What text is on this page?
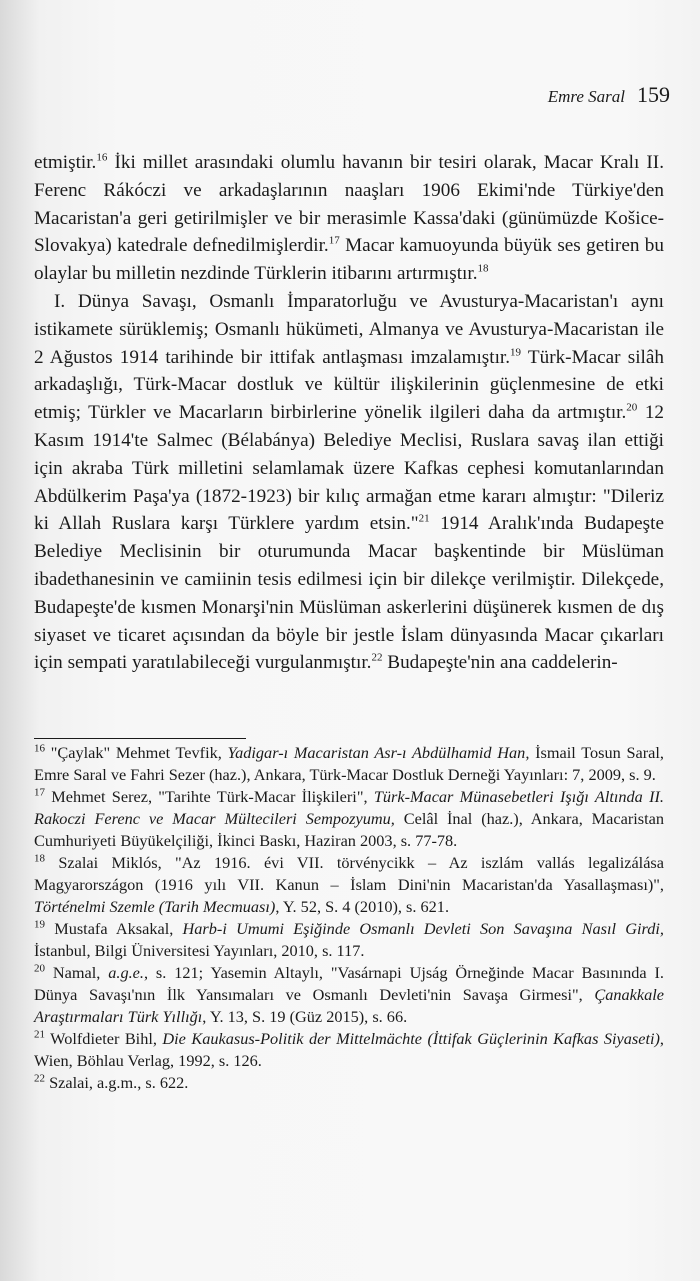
Emre Saral 159

etmiştir.$^{16}$ İki millet arasındaki olumlu havanın bir tesiri olarak, Macar Kralı II. Ferenc Rákóczi ve arkadaşlarının naaşları 1906 Ekimi'nde Türkiye'den Macaristan'a geri getirilmişler ve bir merasimle Kassa'daki (günümüzde Košice-Slovakya) katedrale defnedilmişlerdir.$^{17}$ Macar kamuoyunda büyük ses getiren bu olaylar bu milletin nezdinde Türklerin itibarını artırmıştır.$^{18}$

I. Dünya Savaşı, Osmanlı İmparatorluğu ve Avusturya-Macaristan'ı aynı istikamete sürüklemiş; Osmanlı hükümeti, Almanya ve Avusturya-Macaristan ile 2 Ağustos 1914 tarihinde bir ittifak antlaşması imzalamıştır.$^{19}$ Türk-Macar silâh arkadaşlığı, Türk-Macar dostluk ve kültür ilişkilerinin güçlenmesine de etki etmiş; Türkler ve Macarların birbirlerine yönelik ilgileri daha da artmıştır.$^{20}$ 12 Kasım 1914'te Salmec (Bélabánya) Belediye Meclisi, Ruslara savaş ilan ettiği için akraba Türk milletini selamlamak üzere Kafkas cephesi komutanlarından Abdülkerim Paşa'ya (1872-1923) bir kılıç armağan etme kararı almıştır: "Dileriz ki Allah Ruslara karşı Türklere yardım etsin."$^{21}$ 1914 Aralık'ında Budapeşte Belediye Meclisinin bir oturumunda Macar başkentinde bir Müslüman ibadethanesinin ve camiinin tesis edilmesi için bir dilekçe verilmiştir. Dilekçede, Budapeşte'de kısmen Monarşi'nin Müslüman askerlerini düşünerek kısmen de dış siyaset ve ticaret açısından da böyle bir jestle İslam dünyasında Macar çıkarları için sempati yaratılabileceği vurgulanmıştır.$^{22}$ Budapeşte'nin ana caddelerin-

$^{16}$ "Çaylak" Mehmet Tevfik, Yadigar-ı Macaristan Asr-ı Abdülhamid Han, İsmail Tosun Saral, Emre Saral ve Fahri Sezer (haz.), Ankara, Türk-Macar Dostluk Derneği Yayınları: 7, 2009, s. 9.

$^{17}$ Mehmet Serez, "Tarihte Türk-Macar İlişkileri", Türk-Macar Münasebetleri Işığı Altında II. Rakoczi Ferenc ve Macar Mültecileri Sempozyumu, Celâl İnal (haz.), Ankara, Macaristan Cumhuriyeti Büyükelçiliği, İkinci Baskı, Haziran 2003, s. 77-78.

$^{18}$ Szalai Miklós, "Az 1916. évi VII. törvénycikk – Az iszlám vallás legalizálása Magyarországon (1916 yılı VII. Kanun – İslam Dini'nin Macaristan'da Yasallaşması)", Történelmi Szemle (Tarih Mecmuası), Y. 52, S. 4 (2010), s. 621.

$^{19}$ Mustafa Aksakal, Harb-i Umumi Eşiğinde Osmanlı Devleti Son Savaşına Nasıl Girdi, İstanbul, Bilgi Üniversitesi Yayınları, 2010, s. 117.

$^{20}$ Namal, a.g.e., s. 121; Yasemin Altaylı, "Vasárnapi Ujság Örneğinde Macar Basınında I. Dünya Savaşı'nın İlk Yansımaları ve Osmanlı Devleti'nin Savaşa Girmesi", Çanakkale Araştırmaları Türk Yıllığı, Y. 13, S. 19 (Güz 2015), s. 66.

$^{21}$ Wolfdieter Bihl, Die Kaukasus-Politik der Mittelmächte (İttifak Güçlerinin Kafkas Siyaseti), Wien, Böhlau Verlag, 1992, s. 126.

$^{22}$ Szalai, a.g.m., s. 622.
